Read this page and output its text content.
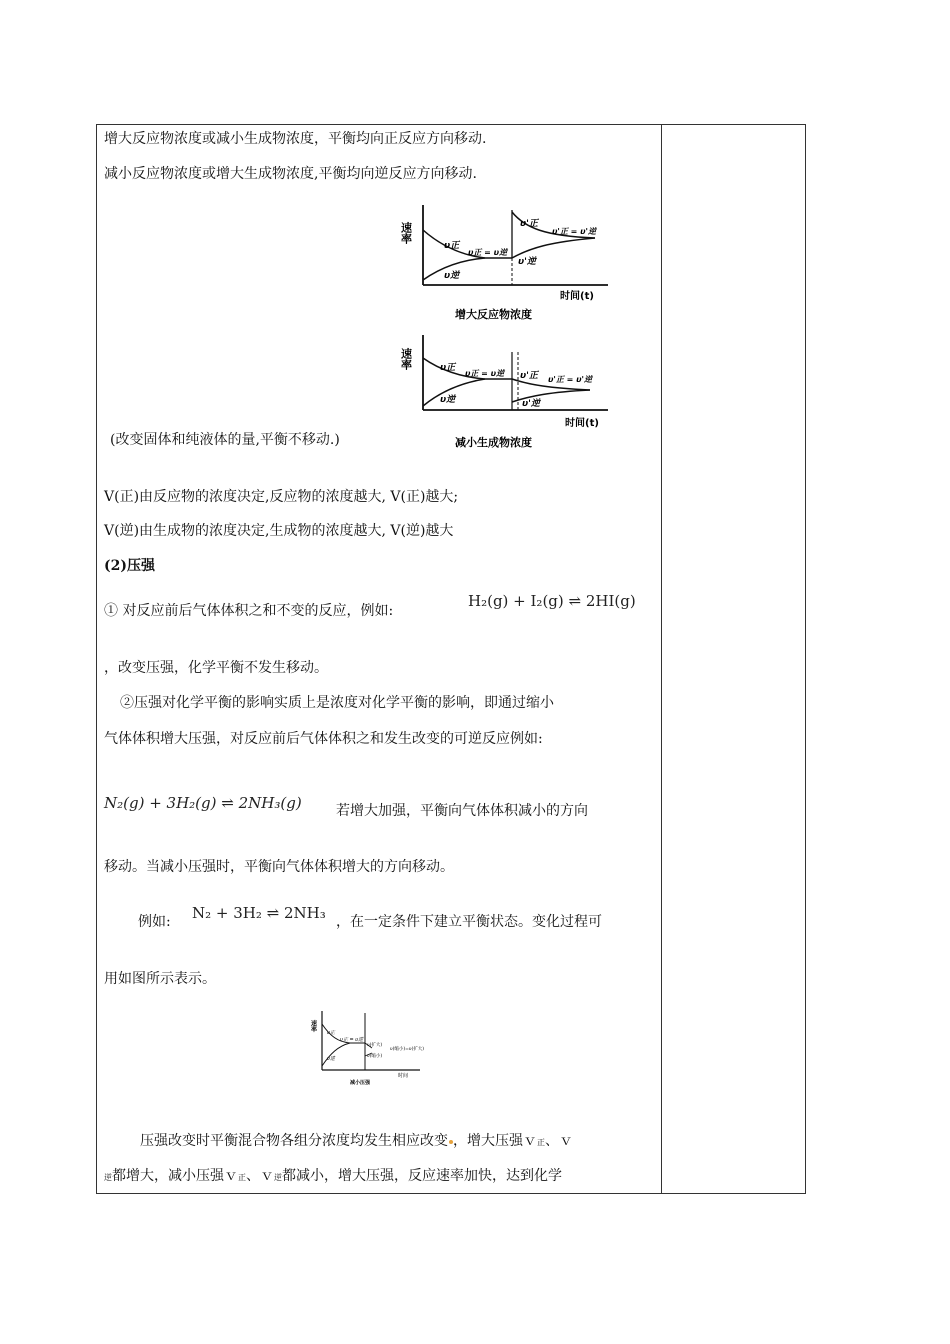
增大反应物浓度或减小生成物浓度，平衡均向正反应方向移动.
减小反应物浓度或增大生成物浓度,平衡均向逆反应方向移动.
速率
υ正
υ正 = υ逆
υ逆
υ'正
υ'正 = υ'逆
υ'逆
时间(t)
增大反应物浓度
速率	υ正
υ正 = υ逆
υ逆
υ'正 υ'正 = υ'逆
υ'逆
时间(t)
减小生成物浓度
(改变固体和纯液体的量,平衡不移动.)
V(正)由反应物的浓度决定,反应物的浓度越大, V(正)越大;
V(逆)由生成物的浓度决定,生成物的浓度越大, V(逆)越大
(2)压强
① 对反应前后气体体积之和不变的反应，例如:
H₂(g) + I₂(g) ⇌ 2HI(g)
，改变压强，化学平衡不发生移动。
②压强对化学平衡的影响实质上是浓度对化学平衡的影响，即通过缩小
气体体积增大压强，对反应前后气体体积之和发生改变的可逆反应例如:
N₂(g) + 3H₂(g) ⇌ 2NH₃(g) 若增大加强，平衡向气体体积减小的方向
移动。当减小压强时，平衡向气体体积增大的方向移动。
例如: N₂ + 3H₂ ⇌ 2NH₃ ，在一定条件下建立平衡状态。变化过程可
用如图所示表示。
速率
υ正
υ正 = υ逆
υ逆
υ(扩大)
υ(缩小)=υ(扩大)
υ(缩小)
时间
减小压强
压强改变时平衡混合物各组分浓度均发生相应改变 ，增大压强ｖ正、ｖ
逆都增大，减小压强ｖ正、ｖ逆都减小，增大压强，反应速率加快，达到化学
